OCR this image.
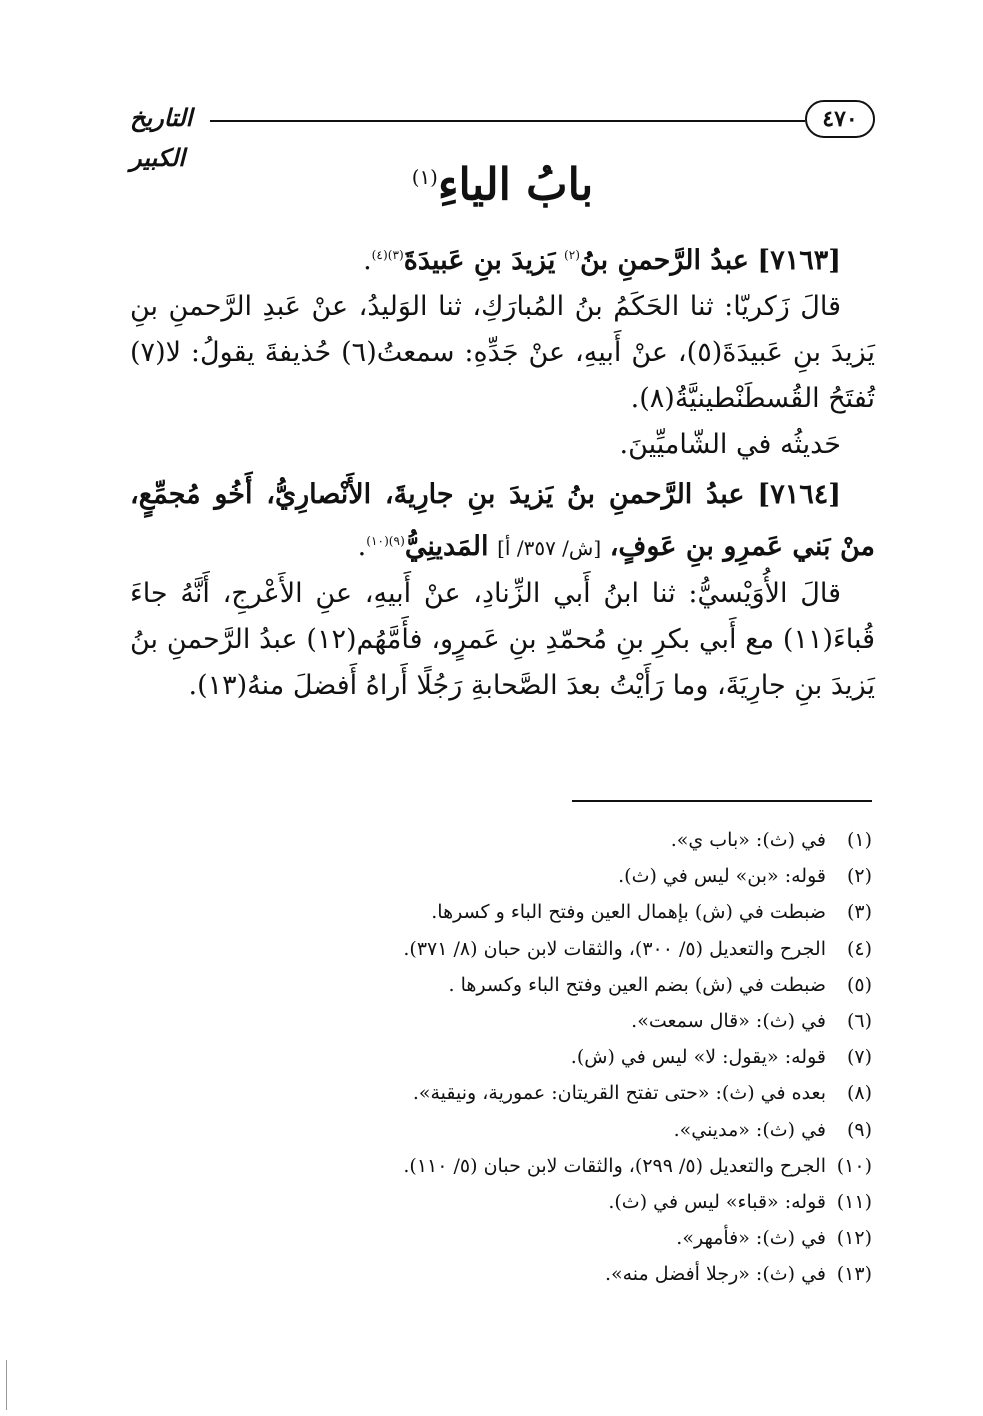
٤٧٠
التاريخ الكبير
بابُ الياءِ$^{(١)}$

[٧١٦٣] عبدُ الرَّحمنِ بنُ$^{(٢)}$ يَزيدَ بنِ عَبيدَةَ$^{(٣)(٤)}$.

قالَ زَكريّا: ثنا الحَكَمُ بنُ المُبارَكِ، ثنا الوَليدُ، عنْ عَبدِ الرَّحمنِ بنِ يَزيدَ بنِ عَبيدَةَ(٥)، عنْ أَبيهِ، عنْ جَدِّهِ: سمعتُ(٦) حُذيفةَ يقولُ: لا(٧) تُفتَحُ القُسطَنْطينيَّةُ(٨).

حَديثُه في الشّاميِّينَ.

[٧١٦٤] عبدُ الرَّحمنِ بنُ يَزيدَ بنِ جارِيةَ، الأَنْصارِيُّ، أَخُو مُجمِّعٍ، منْ بَني عَمرِو بنِ عَوفٍ، [ش/ ٣٥٧/ أ] المَدينِيُّ$^{(٩)(١٠)}$.

قالَ الأُوَيْسيُّ: ثنا ابنُ أَبي الزِّنادِ، عنْ أَبيهِ، عنِ الأَعْرجِ، أَنَّهُ جاءَ قُباءَ(١١) مع أَبي بكرِ بنِ مُحمّدِ بنِ عَمرٍو، فأَمَّهُم(١٢) عبدُ الرَّحمنِ بنُ يَزيدَ بنِ جارِيَةَ، وما رَأَيْتُ بعدَ الصَّحابةِ رَجُلًا أَراهُ أَفضلَ منهُ(١٣).

(١)في (ث): «باب ي».
(٢)قوله: «بن» ليس في (ث).
(٣)ضبطت في (ش) بإهمال العين وفتح الباء و كسرها.
(٤)الجرح والتعديل (٥/ ٣٠٠)، والثقات لابن حبان (٨/ ٣٧١).
(٥)ضبطت في (ش) بضم العين وفتح الباء وكسرها .
(٦)في (ث): «قال سمعت».
(٧)قوله: «يقول: لا» ليس في (ش).
(٨)بعده في (ث): «حتى تفتح القريتان: عمورية، ونيقية».
(٩)في (ث): «مديني».
(١٠)الجرح والتعديل (٥/ ٢٩٩)، والثقات لابن حبان (٥/ ١١٠).
(١١)قوله: «قباء» ليس في (ث).
(١٢)في (ث): «فأمهر».
(١٣)في (ث): «رجلا أفضل منه».
